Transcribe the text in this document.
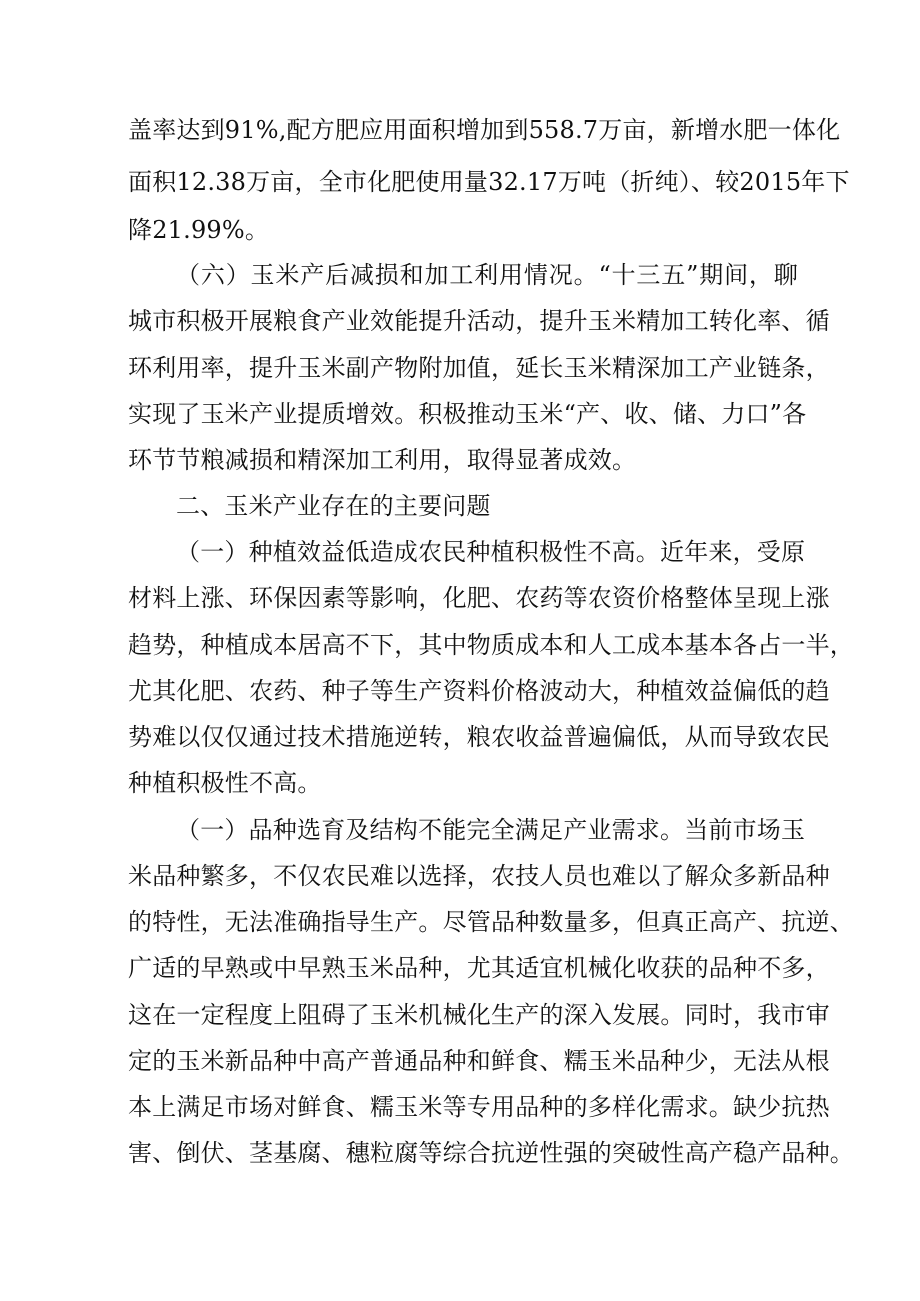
盖率达到91%,配方肥应用面积增加到558.7万亩，新增水肥一体化
面积12.38万亩，全市化肥使用量32.17万吨（折纯）、较2015年下
降21.99%。
（六）玉米产后减损和加工利用情况。“十三五”期间，聊
城市积极开展粮食产业效能提升活动，提升玉米精加工转化率、循
环利用率，提升玉米副产物附加值，延长玉米精深加工产业链条，
实现了玉米产业提质增效。积极推动玉米“产、收、储、力口”各
环节节粮减损和精深加工利用，取得显著成效。
二、玉米产业存在的主要问题
（一）种植效益低造成农民种植积极性不高。近年来，受原
材料上涨、环保因素等影响，化肥、农药等农资价格整体呈现上涨
趋势，种植成本居高不下，其中物质成本和人工成本基本各占一半，
尤其化肥、农药、种子等生产资料价格波动大，种植效益偏低的趋
势难以仅仅通过技术措施逆转，粮农收益普遍偏低，从而导致农民
种植积极性不高。
（一）品种选育及结构不能完全满足产业需求。当前市场玉
米品种繁多，不仅农民难以选择，农技人员也难以了解众多新品种
的特性，无法准确指导生产。尽管品种数量多，但真正高产、抗逆、
广适的早熟或中早熟玉米品种，尤其适宜机械化收获的品种不多，
这在一定程度上阻碍了玉米机械化生产的深入发展。同时，我市审
定的玉米新品种中高产普通品种和鲜食、糯玉米品种少，无法从根
本上满足市场对鲜食、糯玉米等专用品种的多样化需求。缺少抗热
害、倒伏、茎基腐、穗粒腐等综合抗逆性强的突破性高产稳产品种。
